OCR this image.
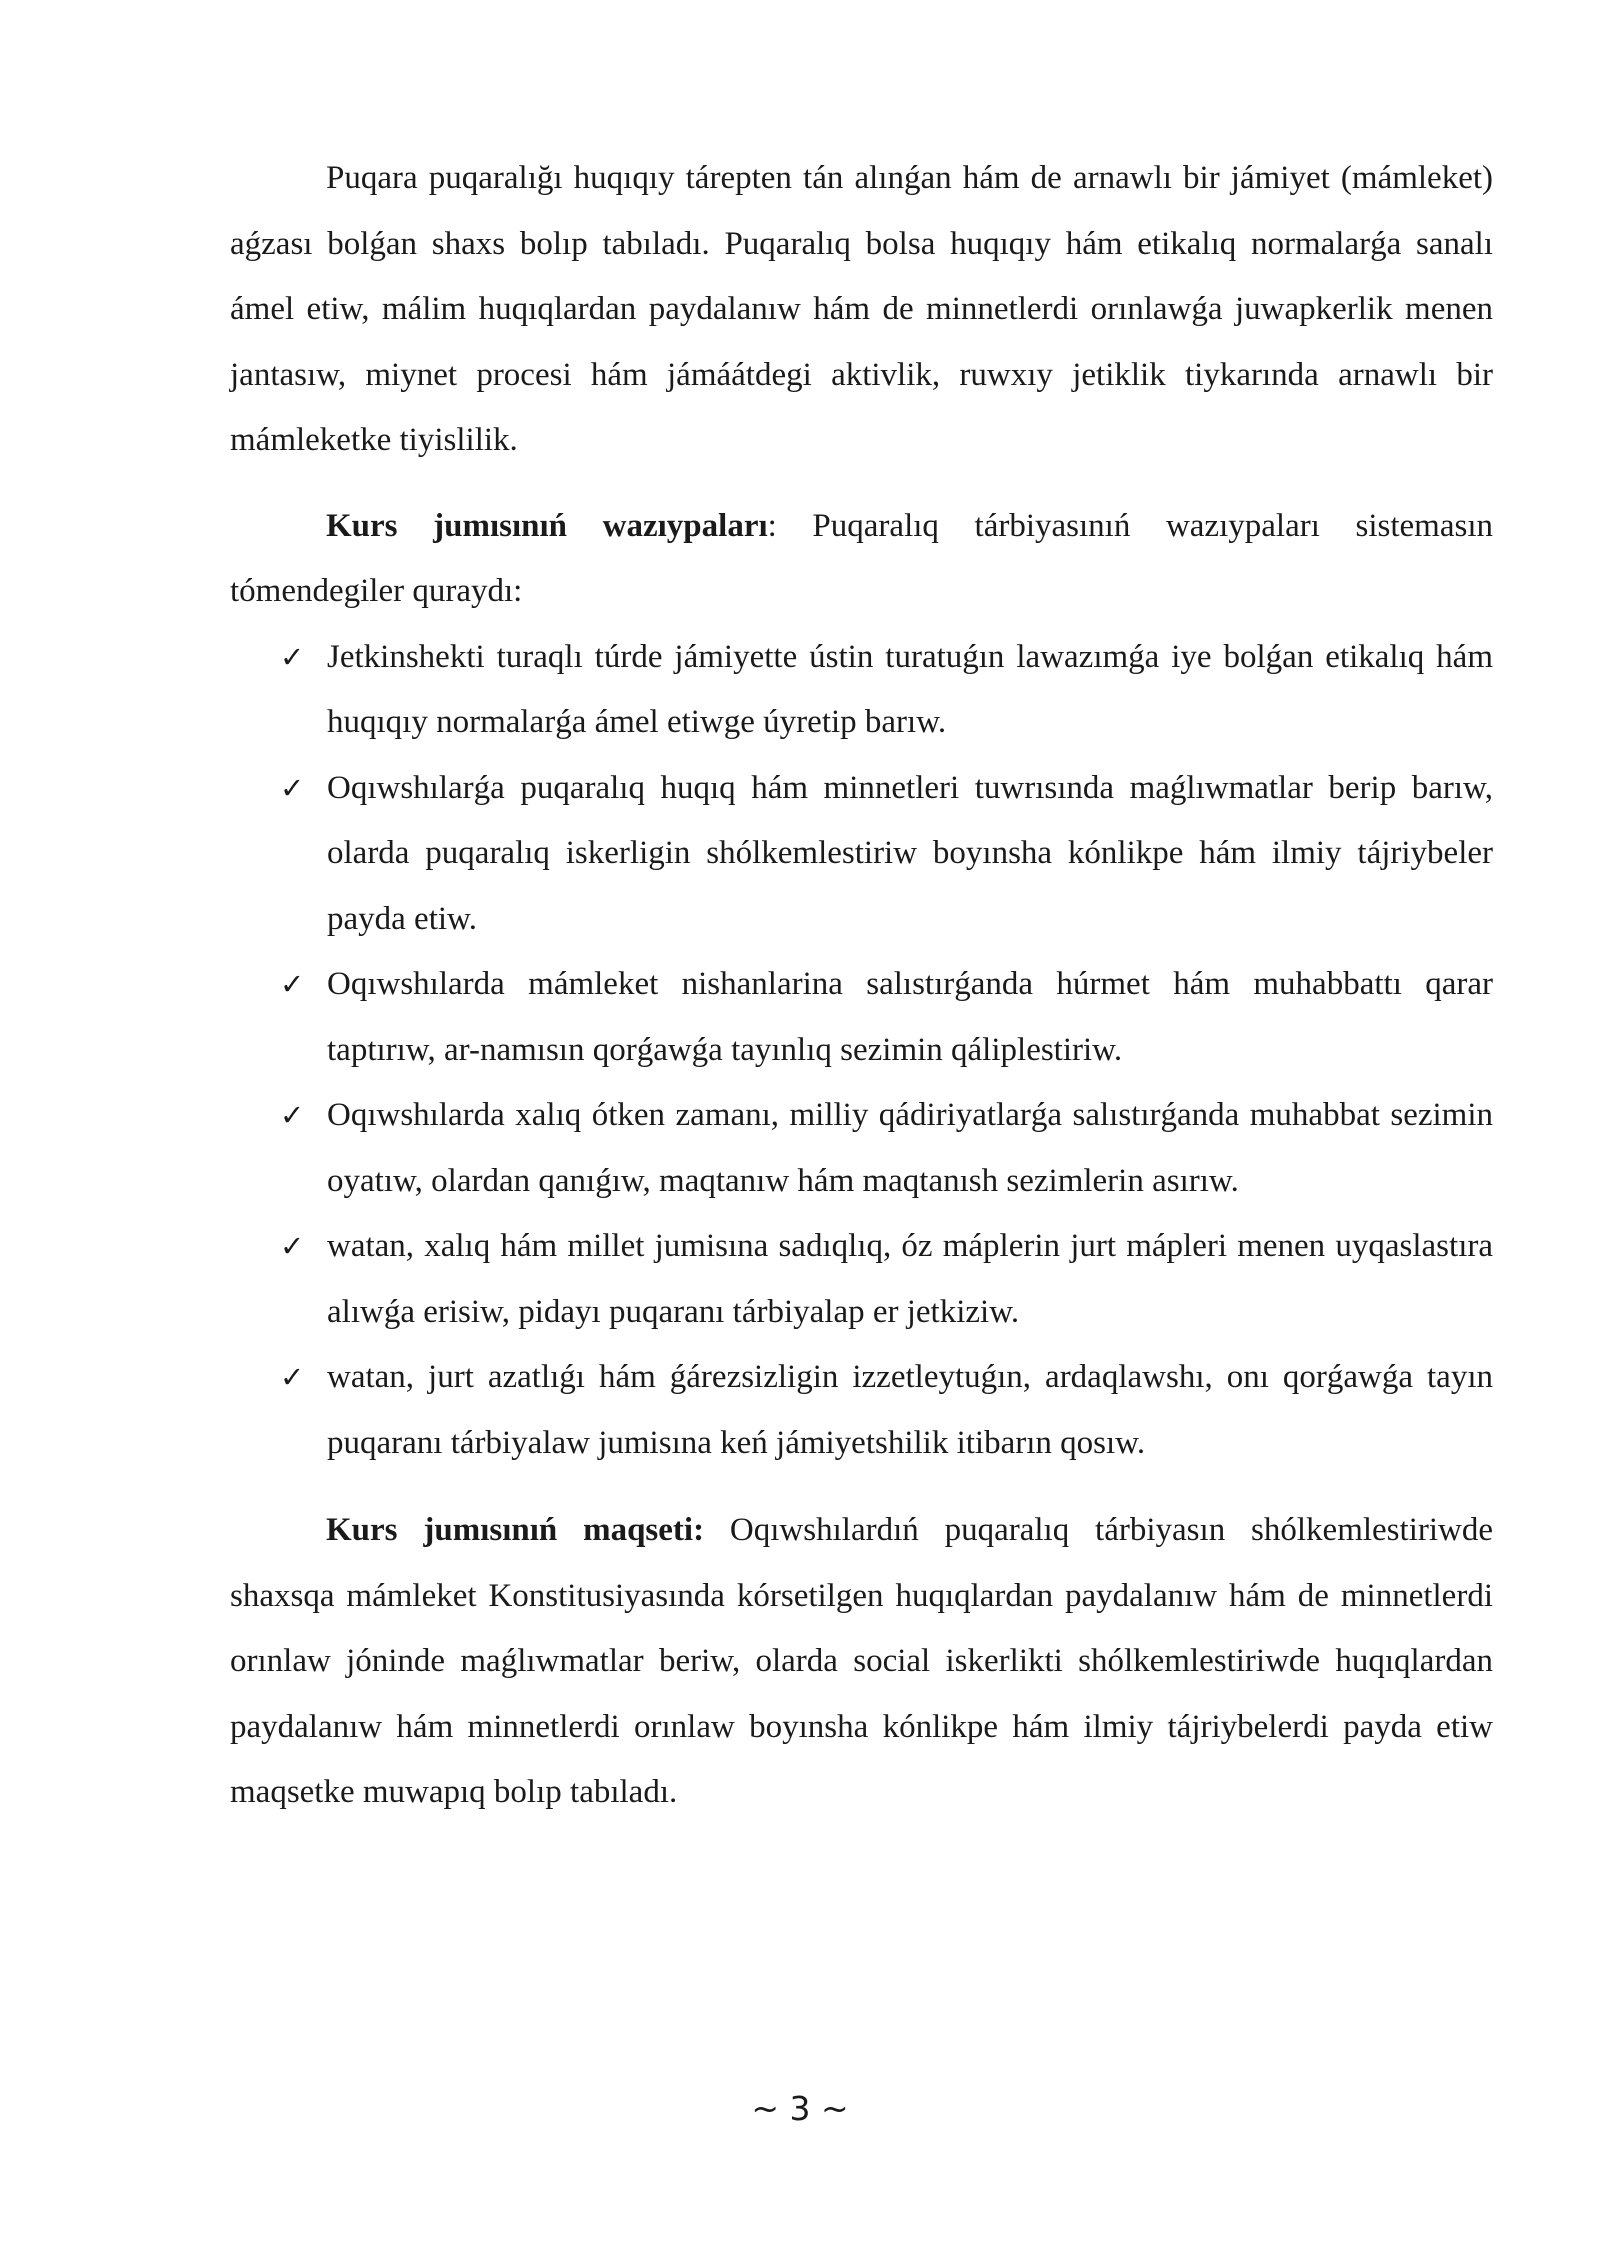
Puqara puqaralığı huqıqıy tárepten tán alınǵan hám de arnawlı bir jámiyet (mámleket) aǵzası bolǵan shaxs bolıp tabıladı. Puqaralıq bolsa huqıqıy hám etikalıq normalarǵa sanalı ámel etiw, málim huqıqlardan paydalanıw hám de minnetlerdi orınlawǵa juwapkerlik menen jantasıw, miynet procesi hám jámáátdegi aktivlik, ruwxıy jetiklik tiykarında arnawlı bir mámleketke tiyislilik.

Kurs jumısınıń wazıypaları: Puqaralıq tárbiyasınıń wazıypaları sistemasın tómendegiler quraydı:

✓ Jetkinshekti turaqlı túrde jámiyette ústin turatuǵın lawazımǵa iye bolǵan etikalıq hám huqıqıy normalarǵa ámel etiwge úyretip barıw.
✓ Oqıwshılarǵa puqaralıq huqıq hám minnetleri tuwrısında maǵlıwmatlar berip barıw, olarda puqaralıq iskerligin shólkemlestiriw boyınsha kónlikpe hám ilmiy tájriybeler payda etiw.
✓ Oqıwshılarda mámleket nishanlarina salıstırǵanda húrmet hám muhabbattı qarar taptırıw, ar-namısın qorǵawǵa tayınlıq sezimin qáliplestiriw.
✓ Oqıwshılarda xalıq ótken zamanı, milliy qádiriyatlarǵa salıstırǵanda muhabbat sezimin oyatıw, olardan qanıǵıw, maqtanıw hám maqtanısh sezimlerin asırıw.
✓ watan, xalıq hám millet jumisına sadıqlıq, óz máplerin jurt mápleri menen uyqaslastıra alıwǵa erisiw, pidayı puqaranı tárbiyalap er jetkiziw.
✓ watan, jurt azatlıǵı hám ǵárezsizligin izzetleytuǵın, ardaqlawshı, onı qorǵawǵa tayın puqaranı tárbiyalaw jumisına keń jámiyetshilik itibarın qosıw.

Kurs jumısınıń maqseti: Oqıwshılardıń puqaralıq tárbiyasın shólkemlestiriwde shaxsqa mámleket Konstitusiyasında kórsetilgen huqıqlardan paydalanıw hám de minnetlerdi orınlaw jóninde maǵlıwmatlar beriw, olarda social iskerlikti shólkemlestiriwde huqıqlardan paydalanıw hám minnetlerdi orınlaw boyınsha kónlikpe hám ilmiy tájriybelerdi payda etiw maqsetke muwapıq bolıp tabıladı.

~ 3 ~
